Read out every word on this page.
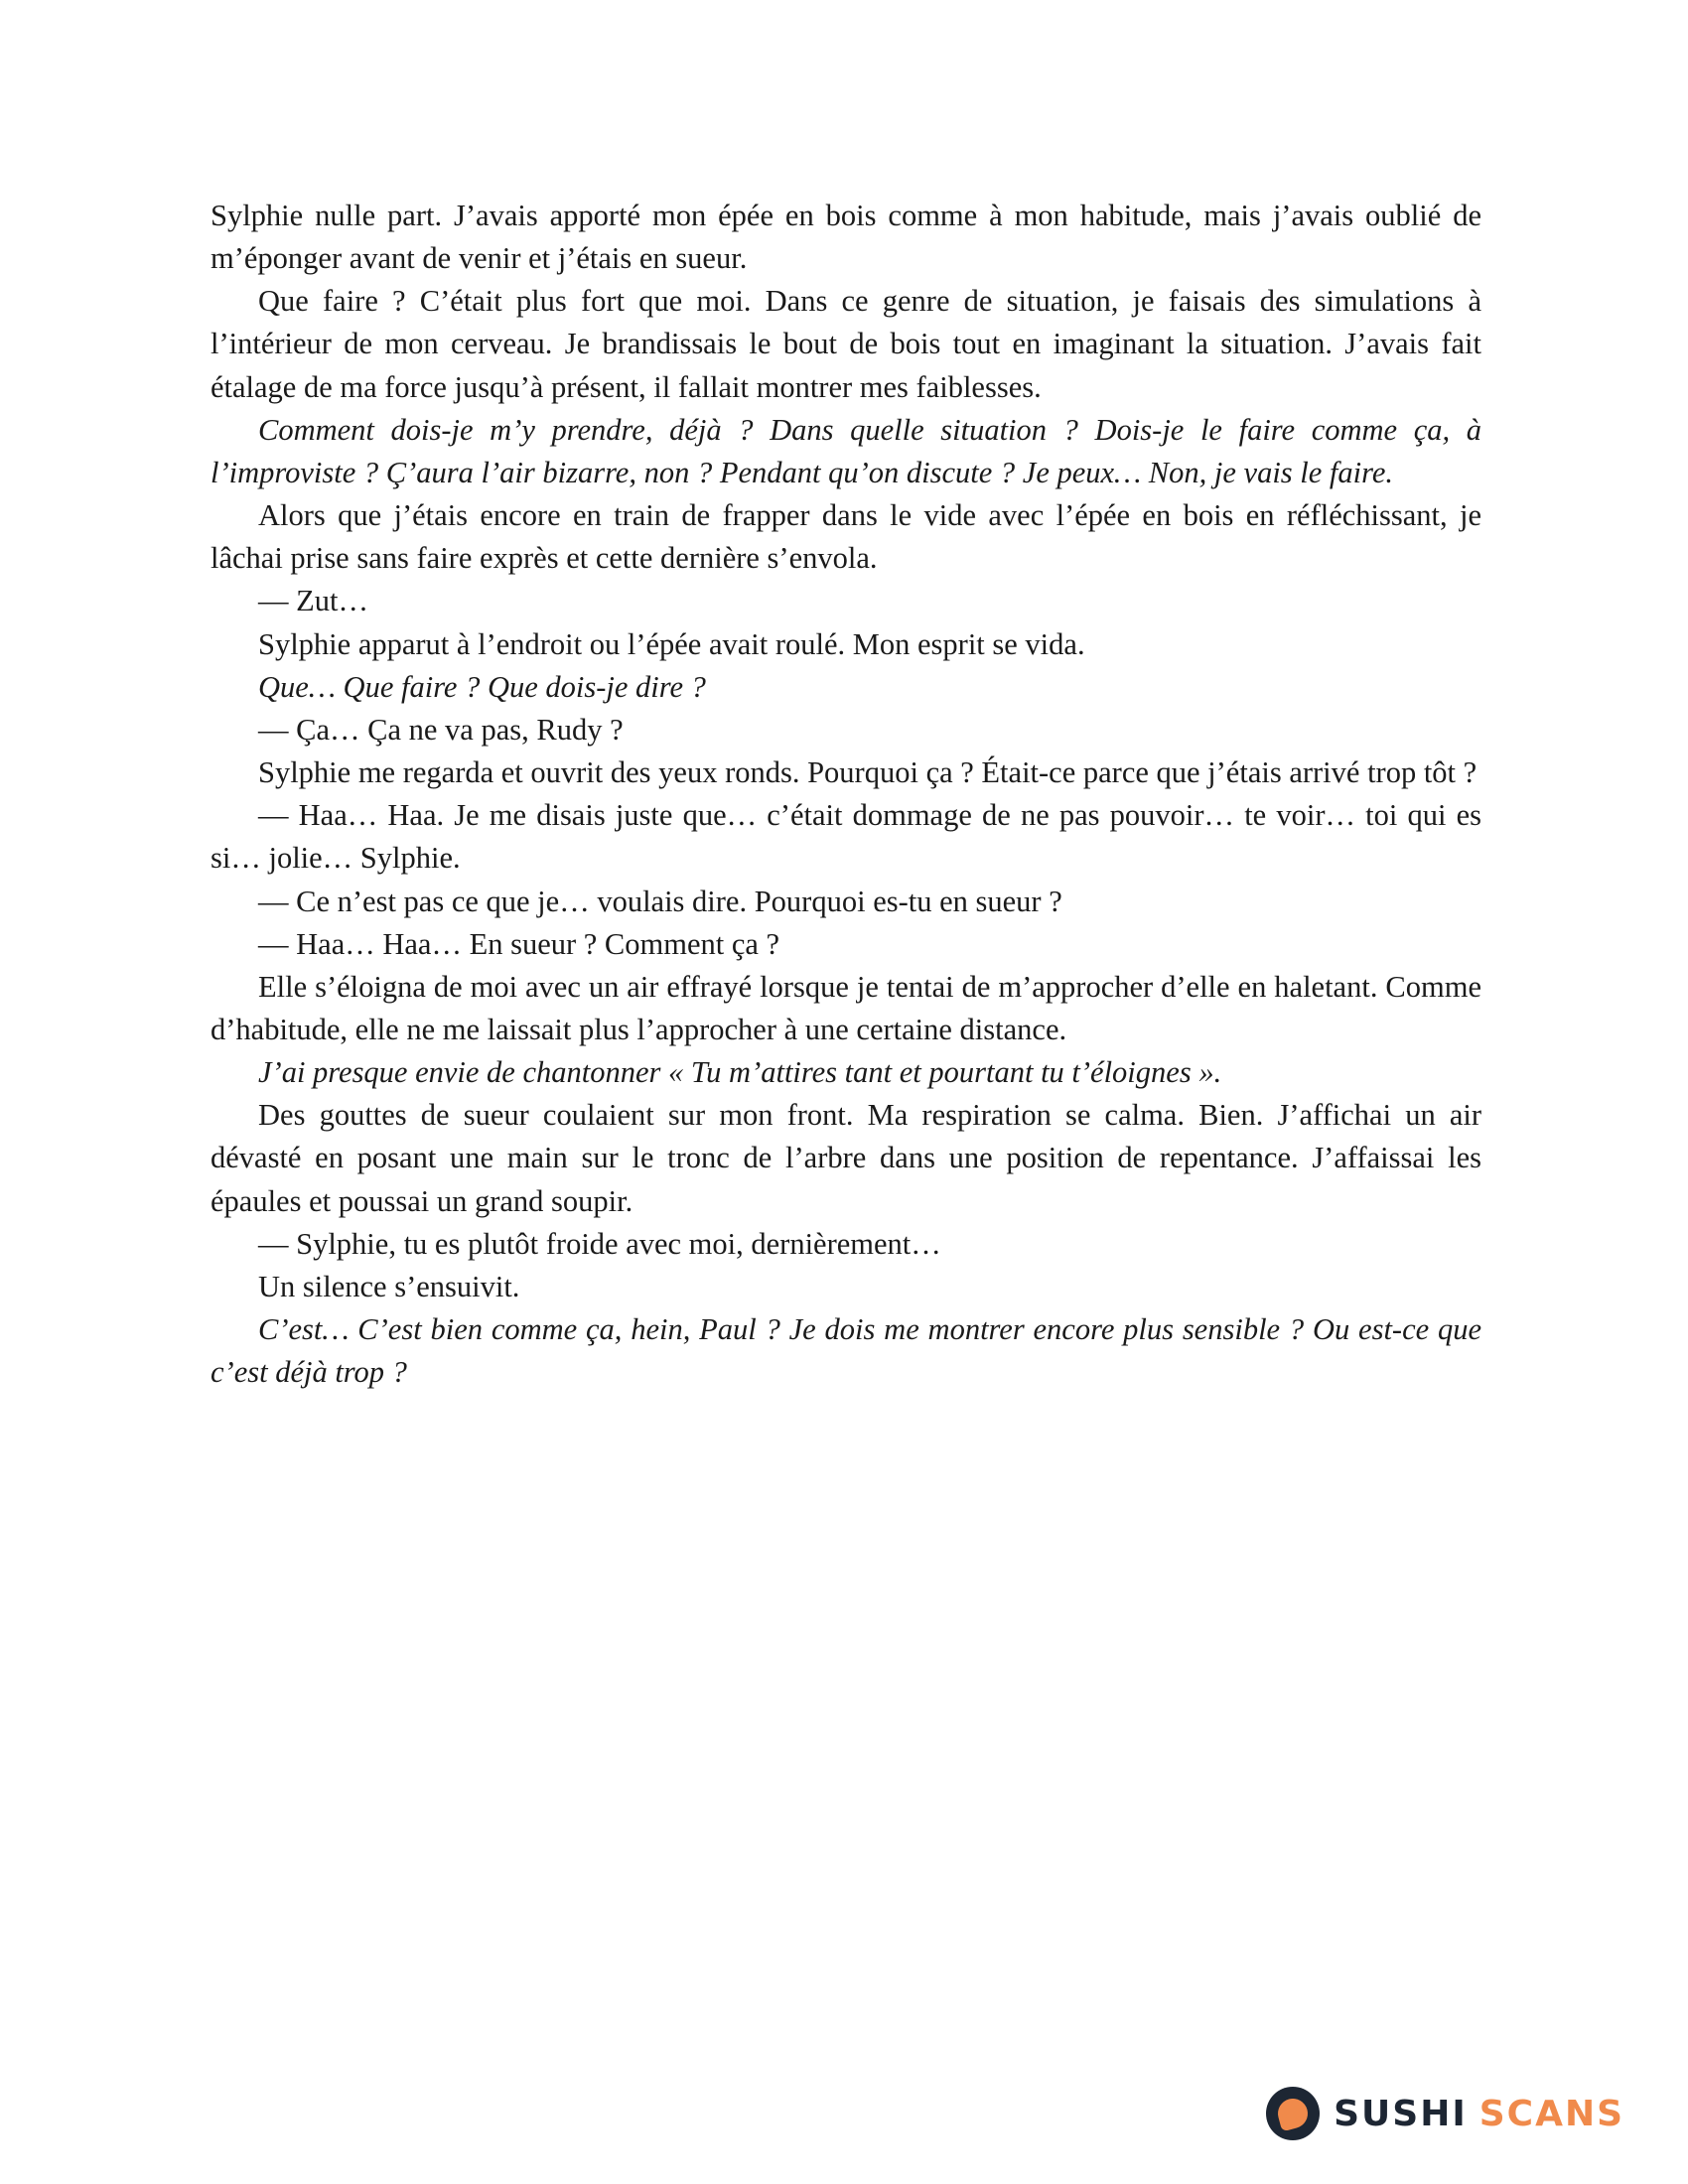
Sylphie nulle part. J’avais apporté mon épée en bois comme à mon habitude, mais j’avais oublié de m’éponger avant de venir et j’étais en sueur.

Que faire ? C’était plus fort que moi. Dans ce genre de situation, je faisais des simulations à l’intérieur de mon cerveau. Je brandissais le bout de bois tout en imaginant la situation. J’avais fait étalage de ma force jusqu’à présent, il fallait montrer mes faiblesses.

Comment dois-je m’y prendre, déjà ? Dans quelle situation ? Dois-je le faire comme ça, à l’improviste ? Ç’aura l’air bizarre, non ? Pendant qu’on discute ? Je peux… Non, je vais le faire.

Alors que j’étais encore en train de frapper dans le vide avec l’épée en bois en réfléchissant, je lâchai prise sans faire exprès et cette dernière s’envola.

— Zut…

Sylphie apparut à l’endroit ou l’épée avait roulé. Mon esprit se vida.

Que… Que faire ? Que dois-je dire ?

— Ça… Ça ne va pas, Rudy ?

Sylphie me regarda et ouvrit des yeux ronds. Pourquoi ça ? Était-ce parce que j’étais arrivé trop tôt ?

— Haa… Haa. Je me disais juste que… c’était dommage de ne pas pouvoir… te voir… toi qui es si… jolie… Sylphie.

— Ce n’est pas ce que je… voulais dire. Pourquoi es-tu en sueur ?

— Haa… Haa… En sueur ? Comment ça ?

Elle s’éloigna de moi avec un air effrayé lorsque je tentai de m’approcher d’elle en haletant. Comme d’habitude, elle ne me laissait plus l’approcher à une certaine distance.

J’ai presque envie de chantonner « Tu m’attires tant et pourtant tu t’éloignes ».

Des gouttes de sueur coulaient sur mon front. Ma respiration se calma. Bien. J’affichai un air dévasté en posant une main sur le tronc de l’arbre dans une position de repentance. J’affaissai les épaules et poussai un grand soupir.

— Sylphie, tu es plutôt froide avec moi, dernièrement…

Un silence s’ensuivit.

C’est… C’est bien comme ça, hein, Paul ? Je dois me montrer encore plus sensible ? Ou est-ce que c’est déjà trop ?

SUSHI SCANS
